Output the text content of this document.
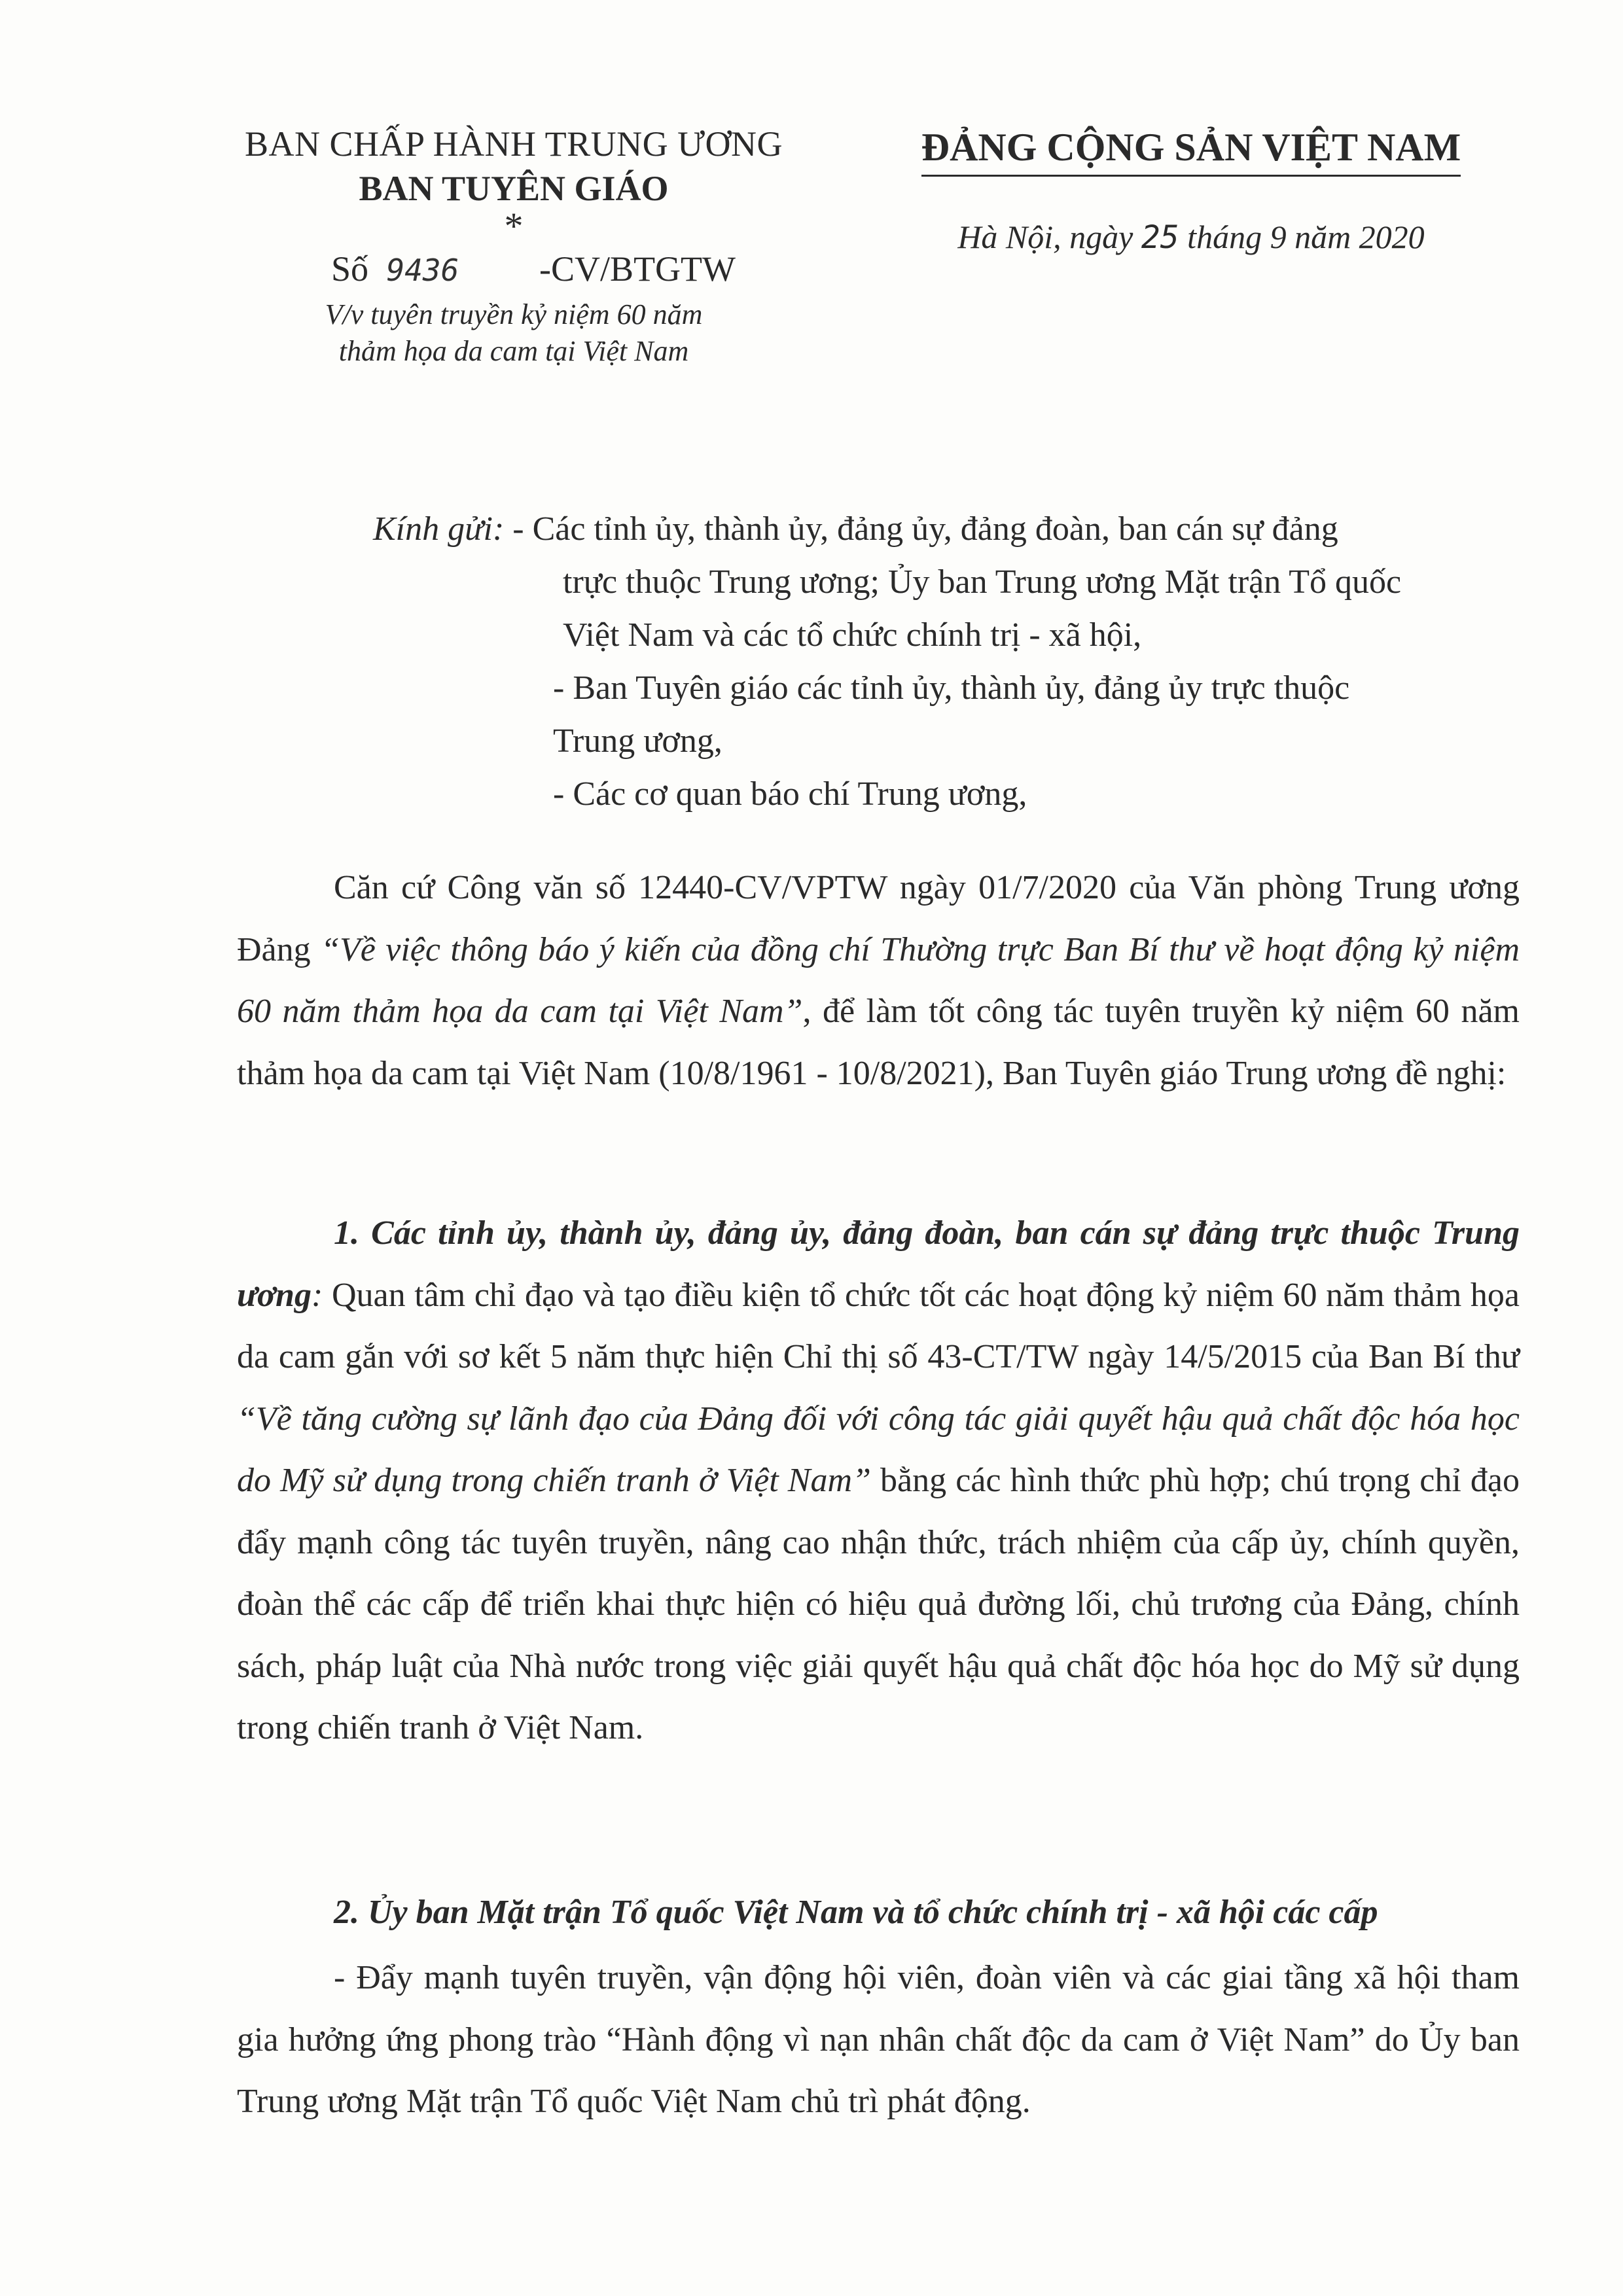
BAN CHẤP HÀNH TRUNG ƯƠNG
BAN TUYÊN GIÁO
*
Số 9436 -CV/BTGTW
V/v tuyên truyền kỷ niệm 60 năm
thảm họa da cam tại Việt Nam
ĐẢNG CỘNG SẢN VIỆT NAM
Hà Nội, ngày 25 tháng 9 năm 2020
Kính gửi: - Các tỉnh ủy, thành ủy, đảng ủy, đảng đoàn, ban cán sự đảng
trực thuộc Trung ương; Ủy ban Trung ương Mặt trận Tổ quốc
Việt Nam và các tổ chức chính trị - xã hội,
- Ban Tuyên giáo các tỉnh ủy, thành ủy, đảng ủy trực thuộc
Trung ương,
- Các cơ quan báo chí Trung ương,

Căn cứ Công văn số 12440-CV/VPTW ngày 01/7/2020 của Văn phòng Trung ương Đảng “Về việc thông báo ý kiến của đồng chí Thường trực Ban Bí thư về hoạt động kỷ niệm 60 năm thảm họa da cam tại Việt Nam”, để làm tốt công tác tuyên truyền kỷ niệm 60 năm thảm họa da cam tại Việt Nam (10/8/1961 - 10/8/2021), Ban Tuyên giáo Trung ương đề nghị:

1. Các tỉnh ủy, thành ủy, đảng ủy, đảng đoàn, ban cán sự đảng trực thuộc Trung ương: Quan tâm chỉ đạo và tạo điều kiện tổ chức tốt các hoạt động kỷ niệm 60 năm thảm họa da cam gắn với sơ kết 5 năm thực hiện Chỉ thị số 43-CT/TW ngày 14/5/2015 của Ban Bí thư “Về tăng cường sự lãnh đạo của Đảng đối với công tác giải quyết hậu quả chất độc hóa học do Mỹ sử dụng trong chiến tranh ở Việt Nam” bằng các hình thức phù hợp; chú trọng chỉ đạo đẩy mạnh công tác tuyên truyền, nâng cao nhận thức, trách nhiệm của cấp ủy, chính quyền, đoàn thể các cấp để triển khai thực hiện có hiệu quả đường lối, chủ trương của Đảng, chính sách, pháp luật của Nhà nước trong việc giải quyết hậu quả chất độc hóa học do Mỹ sử dụng trong chiến tranh ở Việt Nam.

2. Ủy ban Mặt trận Tổ quốc Việt Nam và tổ chức chính trị - xã hội các cấp

- Đẩy mạnh tuyên truyền, vận động hội viên, đoàn viên và các giai tầng xã hội tham gia hưởng ứng phong trào “Hành động vì nạn nhân chất độc da cam ở Việt Nam” do Ủy ban Trung ương Mặt trận Tổ quốc Việt Nam chủ trì phát động.
